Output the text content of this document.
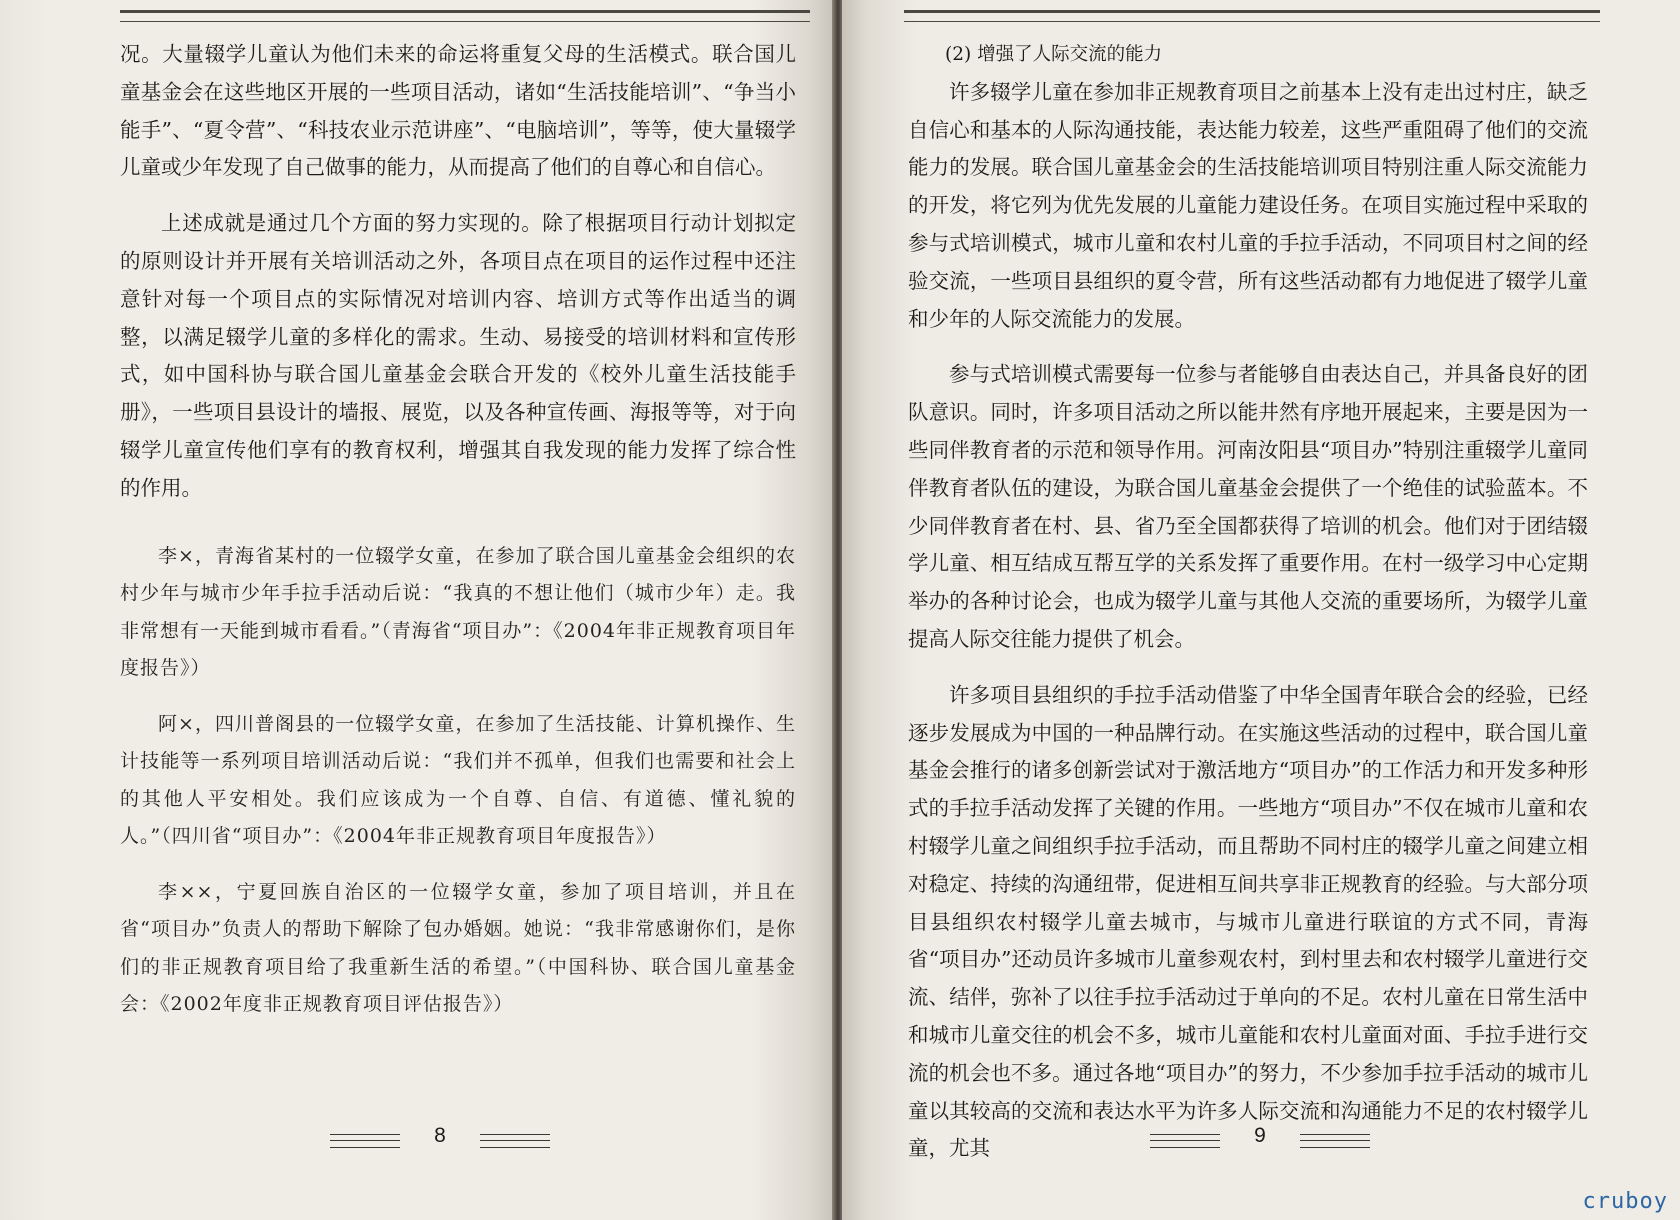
况。大量辍学儿童认为他们未来的命运将重复父母的生活模式。联合国儿童基金会在这些地区开展的一些项目活动，诸如“生活技能培训”、“争当小能手”、“夏令营”、“科技农业示范讲座”、“电脑培训”，等等，使大量辍学儿童或少年发现了自己做事的能力，从而提高了他们的自尊心和自信心。

上述成就是通过几个方面的努力实现的。除了根据项目行动计划拟定的原则设计并开展有关培训活动之外，各项目点在项目的运作过程中还注意针对每一个项目点的实际情况对培训内容、培训方式等作出适当的调整，以满足辍学儿童的多样化的需求。生动、易接受的培训材料和宣传形式，如中国科协与联合国儿童基金会联合开发的《校外儿童生活技能手册》，一些项目县设计的墙报、展览，以及各种宣传画、海报等等，对于向辍学儿童宣传他们享有的教育权利，增强其自我发现的能力发挥了综合性的作用。

李×，青海省某村的一位辍学女童，在参加了联合国儿童基金会组织的农村少年与城市少年手拉手活动后说：“我真的不想让他们（城市少年）走。我非常想有一天能到城市看看。”（青海省“项目办”：《2004年非正规教育项目年度报告》）

阿×，四川普阁县的一位辍学女童，在参加了生活技能、计算机操作、生计技能等一系列项目培训活动后说：“我们并不孤单，但我们也需要和社会上的其他人平安相处。我们应该成为一个自尊、自信、有道德、懂礼貌的人。”（四川省“项目办”：《2004年非正规教育项目年度报告》）

李××，宁夏回族自治区的一位辍学女童，参加了项目培训，并且在省“项目办”负责人的帮助下解除了包办婚姻。她说：“我非常感谢你们，是你们的非正规教育项目给了我重新生活的希望。”（中国科协、联合国儿童基金会：《2002年度非正规教育项目评估报告》）

8

(2) 增强了人际交流的能力

许多辍学儿童在参加非正规教育项目之前基本上没有走出过村庄，缺乏自信心和基本的人际沟通技能，表达能力较差，这些严重阻碍了他们的交流能力的发展。联合国儿童基金会的生活技能培训项目特别注重人际交流能力的开发，将它列为优先发展的儿童能力建设任务。在项目实施过程中采取的参与式培训模式，城市儿童和农村儿童的手拉手活动，不同项目村之间的经验交流，一些项目县组织的夏令营，所有这些活动都有力地促进了辍学儿童和少年的人际交流能力的发展。

参与式培训模式需要每一位参与者能够自由表达自己，并具备良好的团队意识。同时，许多项目活动之所以能井然有序地开展起来，主要是因为一些同伴教育者的示范和领导作用。河南汝阳县“项目办”特别注重辍学儿童同伴教育者队伍的建设，为联合国儿童基金会提供了一个绝佳的试验蓝本。不少同伴教育者在村、县、省乃至全国都获得了培训的机会。他们对于团结辍学儿童、相互结成互帮互学的关系发挥了重要作用。在村一级学习中心定期举办的各种讨论会，也成为辍学儿童与其他人交流的重要场所，为辍学儿童提高人际交往能力提供了机会。

许多项目县组织的手拉手活动借鉴了中华全国青年联合会的经验，已经逐步发展成为中国的一种品牌行动。在实施这些活动的过程中，联合国儿童基金会推行的诸多创新尝试对于激活地方“项目办”的工作活力和开发多种形式的手拉手活动发挥了关键的作用。一些地方“项目办”不仅在城市儿童和农村辍学儿童之间组织手拉手活动，而且帮助不同村庄的辍学儿童之间建立相对稳定、持续的沟通纽带，促进相互间共享非正规教育的经验。与大部分项目县组织农村辍学儿童去城市，与城市儿童进行联谊的方式不同，青海省“项目办”还动员许多城市儿童参观农村，到村里去和农村辍学儿童进行交流、结伴，弥补了以往手拉手活动过于单向的不足。农村儿童在日常生活中和城市儿童交往的机会不多，城市儿童能和农村儿童面对面、手拉手进行交流的机会也不多。通过各地“项目办”的努力，不少参加手拉手活动的城市儿童以其较高的交流和表达水平为许多人际交流和沟通能力不足的农村辍学儿童，尤其

9
cruboy
